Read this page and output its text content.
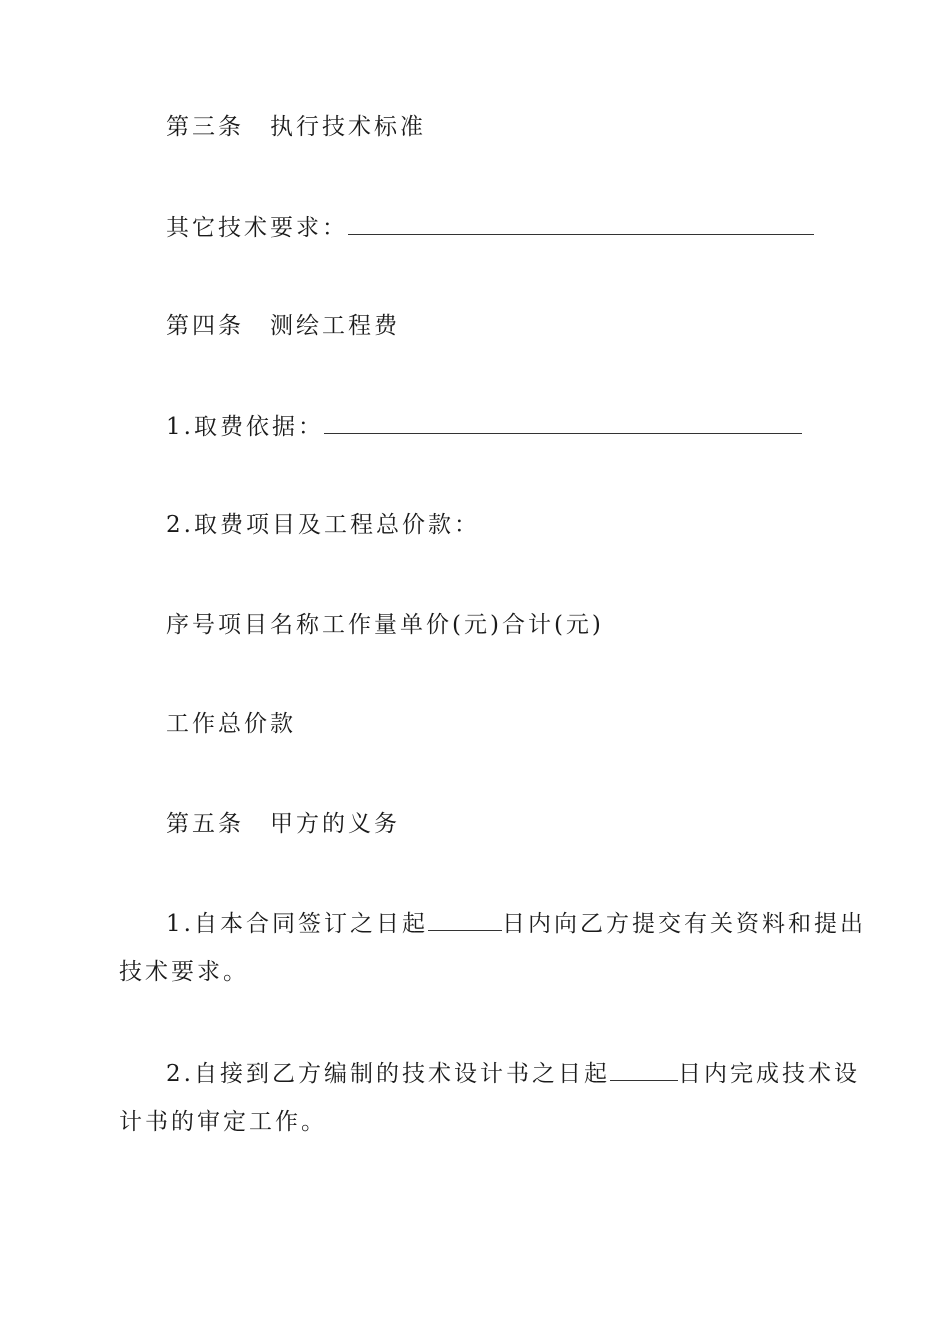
第三条 执行技术标准
其它技术要求：
第四条 测绘工程费
1.取费依据：
2.取费项目及工程总价款：
序号项目名称工作量单价(元)合计(元)
工作总价款
第五条 甲方的义务
1.自本合同签订之日起	日内向乙方提交有关资料和提出
技术要求。
2.自接到乙方编制的技术设计书之日起	日内完成技术设
计书的审定工作。
